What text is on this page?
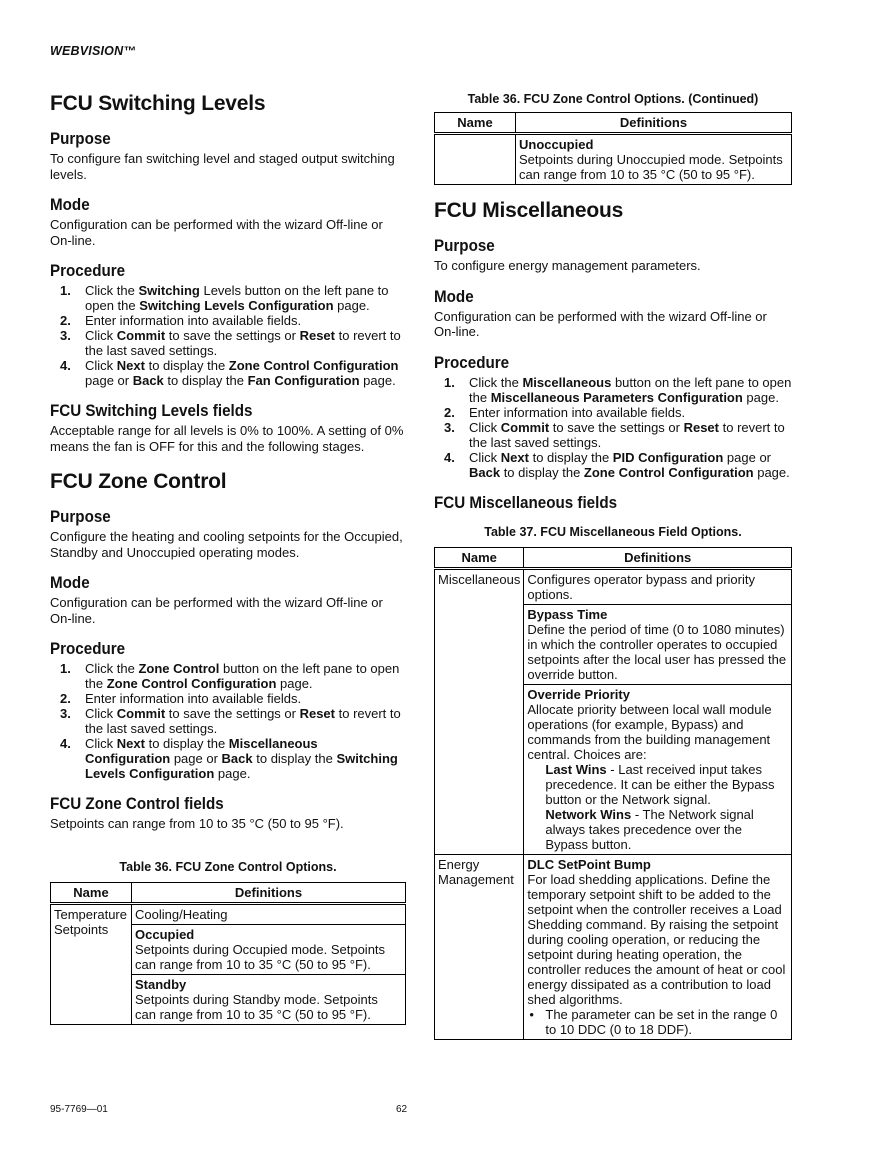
WEBVISION™
FCU Switching Levels
Purpose

To configure fan switching level and staged output switching levels.

Mode

Configuration can be performed with the wizard Off-line or On-line.

Procedure
1. Click the Switching Levels button on the left pane to open the Switching Levels Configuration page.
2. Enter information into available fields.
3. Click Commit to save the settings or Reset to revert to the last saved settings.
4. Click Next to display the Zone Control Configuration page or Back to display the Fan Configuration page.
FCU Switching Levels fields

Acceptable range for all levels is 0% to 100%. A setting of 0% means the fan is OFF for this and the following stages.

FCU Zone Control
Purpose

Configure the heating and cooling setpoints for the Occupied, Standby and Unoccupied operating modes.

Mode

Configuration can be performed with the wizard Off-line or On-line.

Procedure
1. Click the Zone Control button on the left pane to open the Zone Control Configuration page.
2. Enter information into available fields.
3. Click Commit to save the settings or Reset to revert to the last saved settings.
4. Click Next to display the Miscellaneous Configuration page or Back to display the Switching Levels Configuration page.
FCU Zone Control fields

Setpoints can range from 10 to 35 °C (50 to 95 °F).

Table 36. FCU Zone Control Options.
Name	Definitions
Temperature Setpoints	Cooling/Heating

	Occupied
Setpoints during Occupied mode. Setpoints can range from 10 to 35 °C (50 to 95 °F).

	Standby
Setpoints during Standby mode. Setpoints can range from 10 to 35 °C (50 to 95 °F).
Table 36. FCU Zone Control Options. (Continued)
Name	Definitions

	Unoccupied
Setpoints during Unoccupied mode. Setpoints can range from 10 to 35 °C (50 to 95 °F).
FCU Miscellaneous
Purpose

To configure energy management parameters.

Mode

Configuration can be performed with the wizard Off-line or On-line.

Procedure
1. Click the Miscellaneous button on the left pane to open the Miscellaneous Parameters Configuration page.
2. Enter information into available fields.
3. Click Commit to save the settings or Reset to revert to the last saved settings.
4. Click Next to display the PID Configuration page or Back to display the Zone Control Configuration page.
FCU Miscellaneous fields
Table 37. FCU Miscellaneous Field Options.
Name	Definitions
Miscellaneous	Configures operator bypass and priority options.

	Bypass Time
Define the period of time (0 to 1080 minutes) in which the controller operates to occupied setpoints after the local user has pressed the override button.

	Override Priority
Allocate priority between local wall module operations (for example, Bypass) and commands from the building management central. Choices are:
Last Wins - Last received input takes precedence. It can be either the Bypass button or the Network signal.
Network Wins - The Network signal always takes precedence over the Bypass button.

Energy Management	DLC SetPoint Bump
For load shedding applications. Define the temporary setpoint shift to be added to the setpoint when the controller receives a Load Shedding command. By raising the setpoint during cooling operation, or reducing the setpoint during heating operation, the controller reduces the amount of heat or cool energy dissipated as a contribution to load shed algorithms.
• The parameter can be set in the range 0 to 10 DDC (0 to 18 DDF).
95-7769—01	62
